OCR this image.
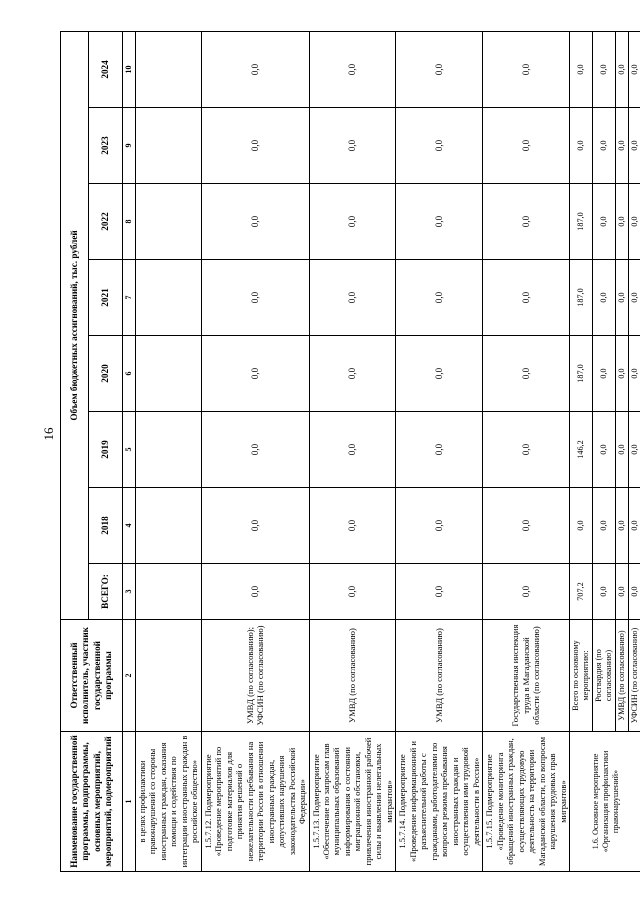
16
Наименование государственной программы, подпрограммы, основных мероприятий, мероприятий, подмероприятий	Ответственный исполнитель, участник государственной программы	Объем бюджетных ассигнований, тыс. рублей							
		ВСЕГО:	2018	2019	2020	2021	2022	2023	2024
1	2	3	4	5	6	7	8	9	10
в целях профилактики правонарушений со стороны иностранных граждан, оказания помощи и содействия по интеграции иностранных граждан в российское общество»									
1.5.7.12. Подмероприятие «Проведение мероприятий по подготовке материалов для принятия решений о нежелательности пребывания на территории России в отношении иностранных граждан, допустивших нарушения законодательства Российской Федерации»	УМВД (по согласованию); УФСИН (по согласованию)	0,0	0,0	0,0	0,0	0,0	0,0	0,0	0,0
1.5.7.13. Подмероприятие «Обеспечение по запросам глав муниципальных образований информирования о состоянии миграционной обстановки, привлечения иностранной рабочей силы и выявлении нелегальных мигрантов»	УМВД (по согласованию)	0,0	0,0	0,0	0,0	0,0	0,0	0,0	0,0
1.5.7.14. Подмероприятие «Проведение информационной и разъяснительной работы с гражданами, работодателями по вопросам режима пребывания иностранных граждан и осуществления ими трудовой деятельности в России»	УМВД (по согласованию)	0,0	0,0	0,0	0,0	0,0	0,0	0,0	0,0
1.5.7.15. Подмероприятие «Проведение мониторинга обращений иностранных граждан, осуществляющих трудовую деятельность на территории Магаданской области, по вопросам нарушения трудовых прав мигрантов»	Государственная инспекция труда в Магаданской области (по согласованию)	0,0	0,0	0,0	0,0	0,0	0,0	0,0	0,0
1.6. Основное мероприятие «Организация профилактики правонарушений»	Всего по основному мероприятию:	707,2	0,0	146,2	187,0	187,0	187,0	0,0	0,0
	Росгвардия (по согласованию)	0,0	0,0	0,0	0,0	0,0	0,0	0,0	0,0
	УМВД (по согласованию)	0,0	0,0	0,0	0,0	0,0	0,0	0,0	0,0
	УФСИН (по согласованию)	0,0	0,0	0,0	0,0	0,0	0,0	0,0	0,0
